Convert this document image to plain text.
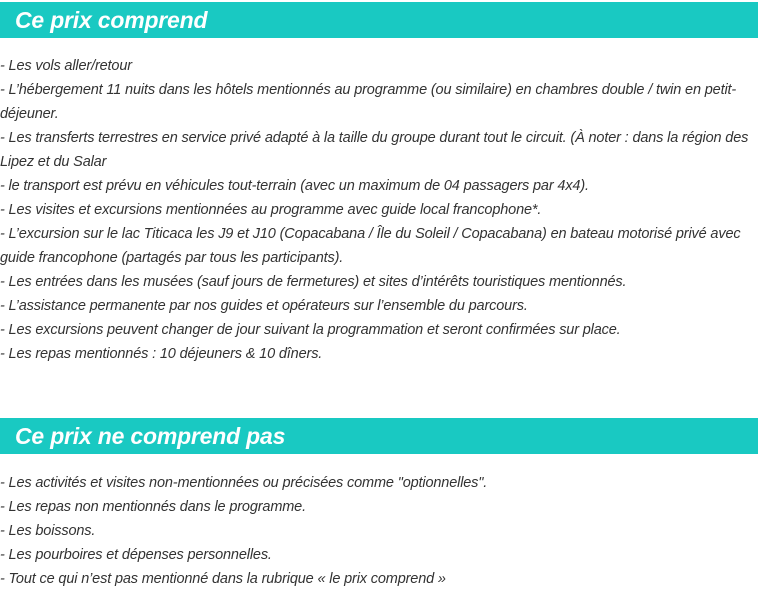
Ce prix comprend
- Les vols aller/retour
- L’hébergement 11 nuits dans les hôtels mentionnés au programme (ou similaire) en chambres double / twin en petit-déjeuner.
- Les transferts terrestres en service privé adapté à la taille du groupe durant tout le circuit. (À noter : dans la région des Lipez et du Salar
- le transport est prévu en véhicules tout-terrain (avec un maximum de 04 passagers par 4x4).
- Les visites et excursions mentionnées au programme avec guide local francophone*.
- L’excursion sur le lac Titicaca les J9 et J10 (Copacabana / Île du Soleil / Copacabana) en bateau motorisé privé avec guide francophone (partagés par tous les participants).
- Les entrées dans les musées (sauf jours de fermetures) et sites d’intérêts touristiques mentionnés.
- L’assistance permanente par nos guides et opérateurs sur l’ensemble du parcours.
- Les excursions peuvent changer de jour suivant la programmation et seront confirmées sur place.
- Les repas mentionnés : 10 déjeuners & 10 dîners.
Ce prix ne comprend pas
- Les activités et visites non-mentionnées ou précisées comme "optionnelles".
- Les repas non mentionnés dans le programme.
- Les boissons.
- Les pourboires et dépenses personnelles.
- Tout ce qui n’est pas mentionné dans la rubrique « le prix comprend »
